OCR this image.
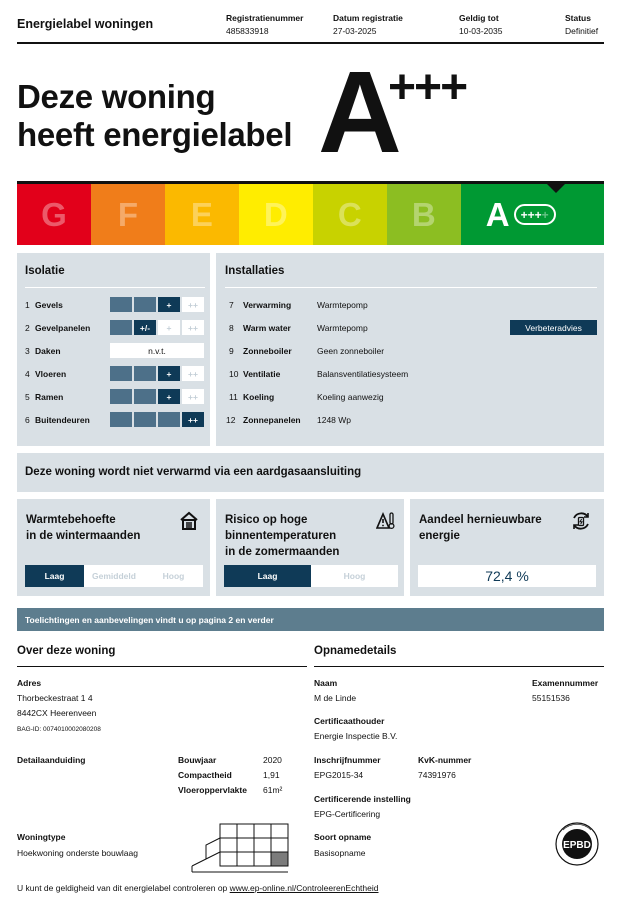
Energielabel woningen	Registratienummer
485833918
Datum registratie
27-03-2025
Geldig tot
10-03-2035
Status
Definitief
Deze woning
heeft energielabel A
+++
G	F	E	D	C	B	A +++ +
Isolatie
1 Gevels	+	++
2 Gevelpanelen	+/-	+	++
3 Daken	n.v.t.
4 Vloeren	+	++
5 Ramen	+	++
6 Buitendeuren	++
Installaties
7	Verwarming	Warmtepomp
8	Warm water	Warmtepomp	Verbeteradvies
9	Zonneboiler	Geen zonneboiler
10 Ventilatie	Balansventilatiesysteem
11 Koeling	Koeling aanwezig
12 Zonnepanelen	1248 Wp
Deze woning wordt niet verwarmd via een aardgasaansluiting
Warmtebehoefte
in de wintermaanden
Laag	Gemiddeld	Hoog
Risico op hoge
binnentemperaturen
in de zomermaanden
Laag	Hoog
Aandeel hernieuwbare
energie
72,4 %
Toelichtingen en aanbevelingen vindt u op pagina 2 en verder
Over deze woning
Adres
Thorbeckestraat 1 4
8442CX Heerenveen
BAG-ID: 0074010002080208
Detailaanduiding	Bouwjaar	2020
Compactheid	1,91
Vloeroppervlakte 61m²
Woningtype
Hoekwoning onderste bouwlaag
Opnamedetails
Naam
M de Linde
Examennummer
55151536
Certificaathouder
Energie Inspectie B.V.
Inschrijfnummer
EPG2015-34
KvK-nummer
74391976
Certificerende instelling
EPG-Certificering
Soort opname
Basisopname
EPBD
U kunt de geldigheid van dit energielabel controleren op www.ep-online.nl/ControleerenEchtheid
